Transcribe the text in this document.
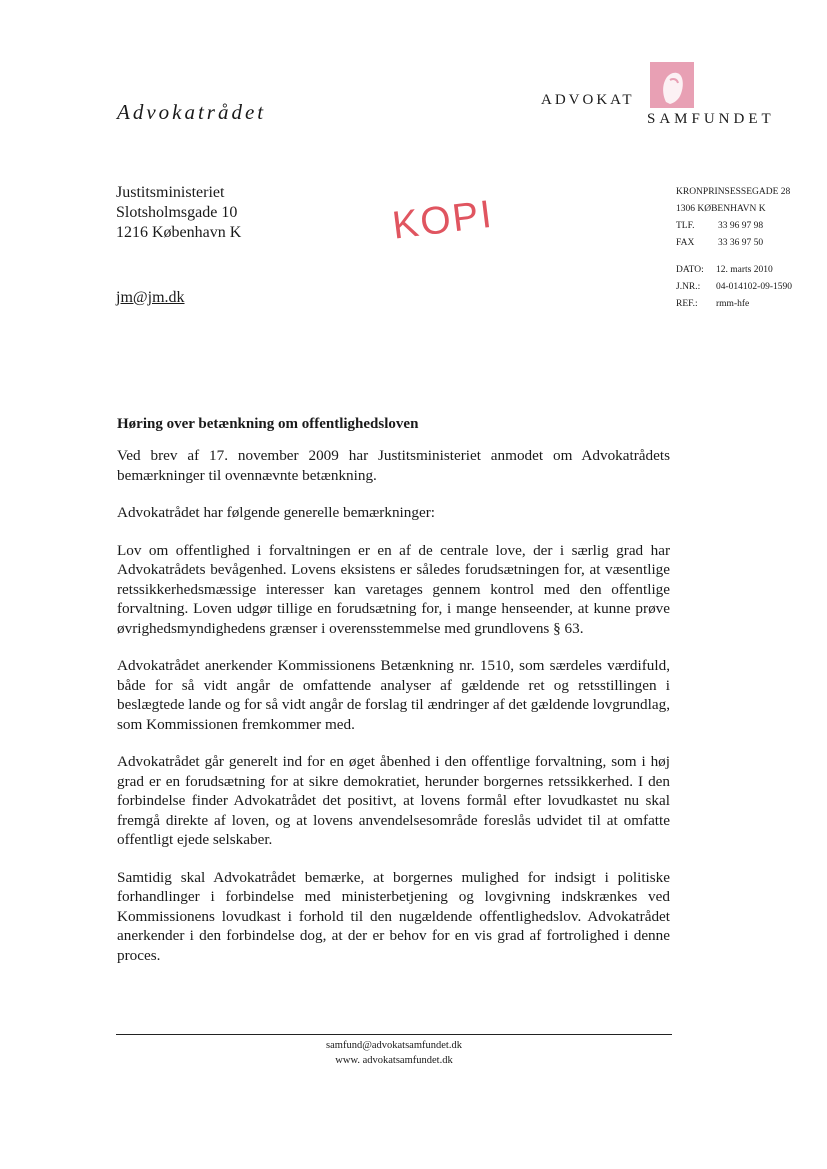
Advokatrådet	ADVOKAT
SAMFUNDET
Justitsministeriet
Slotsholmsgade 10
1216 København K	KOPI
jm@jm.dk
KRONPRINSESSEGADE 28
1306 KØBENHAVN K
TLF.	33 96 97 98
FAX	33 36 97 50
DATO:	12. marts 2010
J.NR.:	04-014102-09-1590
REF.:	rmm-hfe
Høring over betænkning om offentlighedsloven

Ved brev af 17. november 2009 har Justitsministeriet anmodet om Advokatrådets bemærkninger til ovennævnte betænkning.

Advokatrådet har følgende generelle bemærkninger:

Lov om offentlighed i forvaltningen er en af de centrale love, der i særlig grad har Advokatrådets bevågenhed. Lovens eksistens er således forudsætningen for, at væsentlige retssikkerhedsmæssige interesser kan varetages gennem kontrol med den offentlige forvaltning. Loven udgør tillige en forudsætning for, i mange henseender, at kunne prøve øvrighedsmyndighedens grænser i overensstemmelse med grundlovens § 63.

Advokatrådet anerkender Kommissionens Betænkning nr. 1510, som særdeles værdifuld, både for så vidt angår de omfattende analyser af gældende ret og retsstillingen i beslægtede lande og for så vidt angår de forslag til ændringer af det gældende lovgrundlag, som Kommissionen fremkommer med.

Advokatrådet går generelt ind for en øget åbenhed i den offentlige forvaltning, som i høj grad er en forudsætning for at sikre demokratiet, herunder borgernes retssikkerhed. I den forbindelse finder Advokatrådet det positivt, at lovens formål efter lovudkastet nu skal fremgå direkte af loven, og at lovens anvendelsesområde foreslås udvidet til at omfatte offentligt ejede selskaber.

Samtidig skal Advokatrådet bemærke, at borgernes mulighed for indsigt i politiske forhandlinger i forbindelse med ministerbetjening og lovgivning indskrænkes ved Kommissionens lovudkast i forhold til den nugældende offentlighedslov. Advokatrådet anerkender i den forbindelse dog, at der er behov for en vis grad af fortrolighed i denne proces.

samfund@advokatsamfundet.dk
www. advokatsamfundet.dk
